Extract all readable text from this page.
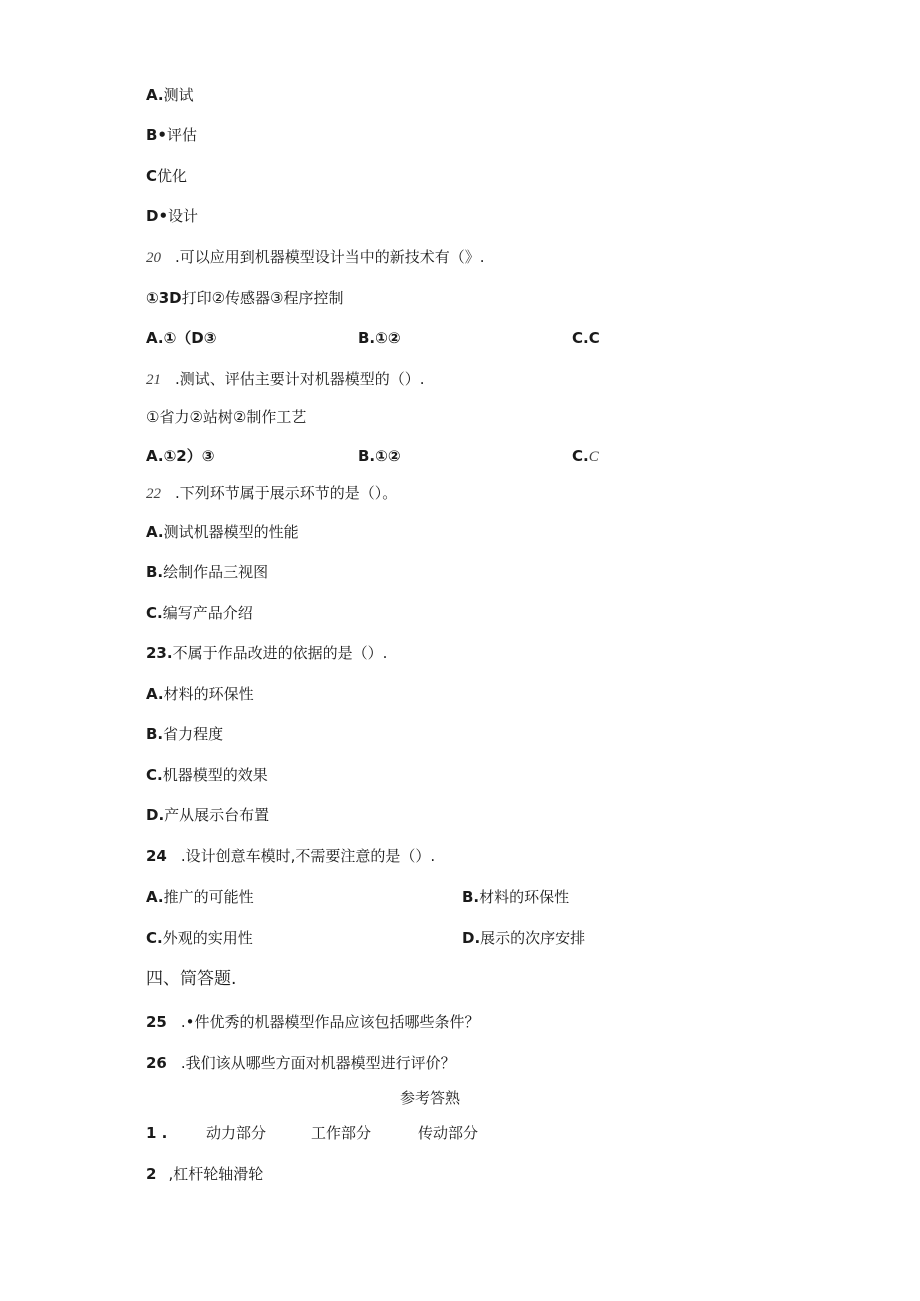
A.测试
B•评估
C优化
D•设计
20 .可以应用到机器模型设计当中的新技术有（》.
①3D打印②传感器③程序控制
A.①（D③	B.①②	C.C
21 .测试、评估主要计对机器模型的（）.
①省力②站树②制作工艺
A.①2）③	B.①②	C.C
22 .下列环节属于展示环节的是（）。
A.测试机器模型的性能
B.绘制作品三视图
C.编写产品介绍
23.不属于作品改进的依据的是（）.
A.材料的环保性
B.省力程度
C.机器模型的效果
D.产从展示台布置
24 .设计创意车模时,不需要注意的是（）.
A.推广的可能性	B.材料的环保性
C.外观的实用性	D.展示的次序安排
四、筒答题.
25 .•件优秀的机器模型作品应该包括哪些条件？
26 .我们该从哪些方面对机器模型进行评价？
参考答熟
1 .	动力部分	工作部分	传动部分
2 ,杠杆轮轴滑轮
